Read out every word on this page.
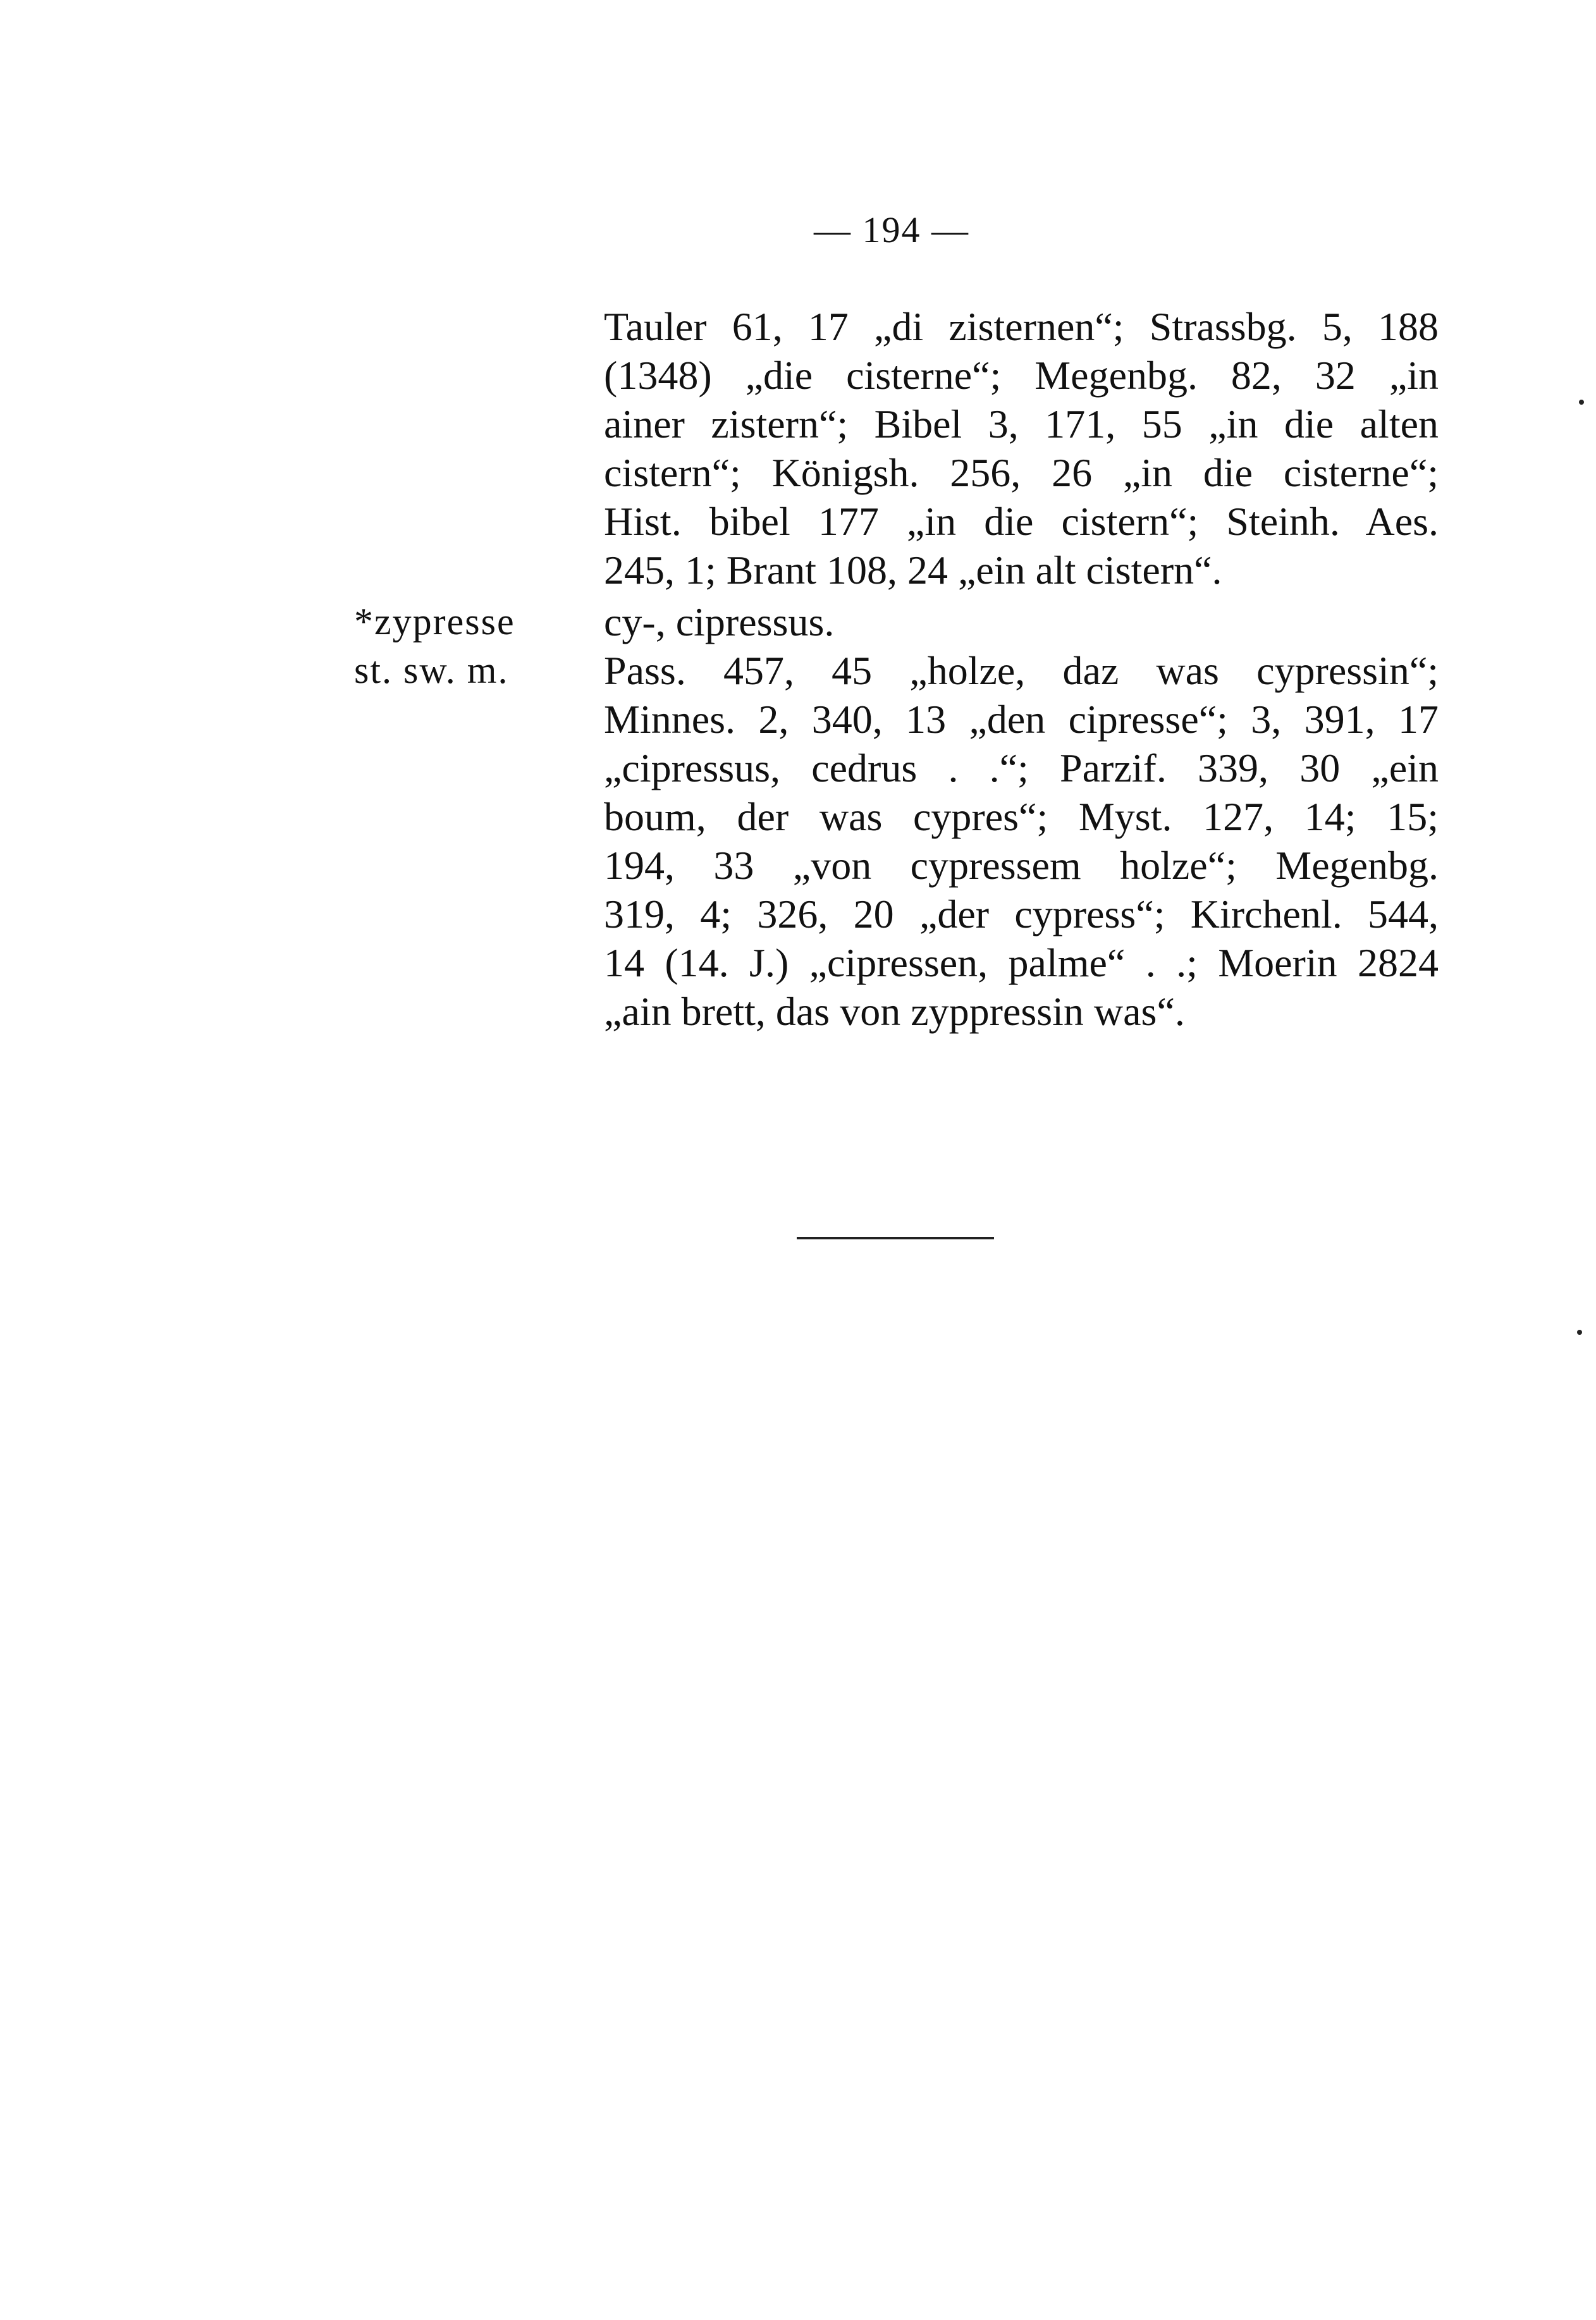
— 194 —
Tauler 61, 17 „di zisternen“; Strassbg. 5, 188
(1348) „die cisterne“; Megenbg. 82, 32 „in
ainer zistern“; Bibel 3, 171, 55 „in die alten
cistern“; Königsh. 256, 26 „in die cisterne“;
Hist. bibel 177 „in die cistern“; Steinh. Aes.
245, 1; Brant 108, 24 „ein alt cistern“.
*zypresse cy-, cipressus.
st. sw. m. Pass. 457, 45 „holze, daz was cypressin“;
Minnes. 2, 340, 13 „den cipresse“; 3, 391, 17
„cipressus, cedrus . .“; Parzif. 339, 30 „ein
boum, der was cypres“; Myst. 127, 14; 15;
194, 33 „von cypressem holze“; Megenbg.
319, 4; 326, 20 „der cypress“; Kirchenl. 544,
14 (14. J.) „cipressen, palme“ . .; Moerin 2824
„ain brett, das von zyppressin was“.
